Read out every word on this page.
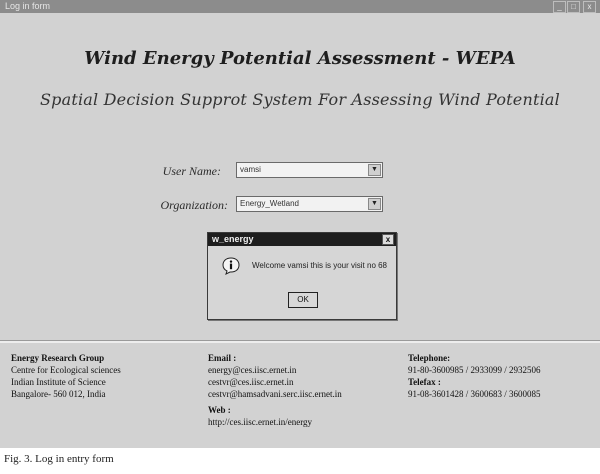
Log in form	_	□	x
Wind Energy Potential Assessment - WEPA
Spatial Decision Supprot System For Assessing Wind Potential
User Name: vamsi	▼
Organization: Energy_Wetland	▼
w_energy	x
Welcome vamsi this is your visit no 68
OK
Energy Research Group
Centre for Ecological sciences
Indian Institute of Science
Bangalore- 560 012, India
Email :
energy@ces.iisc.ernet.in
cestvr@ces.iisc.ernet.in
cestvr@hamsadvani.serc.iisc.ernet.in
Web :
http://ces.iisc.ernet.in/energy
Telephone:
91-80-3600985 / 2933099 / 2932506
Telefax :
91-08-3601428 / 3600683 / 3600085
Fig. 3. Log in entry form
